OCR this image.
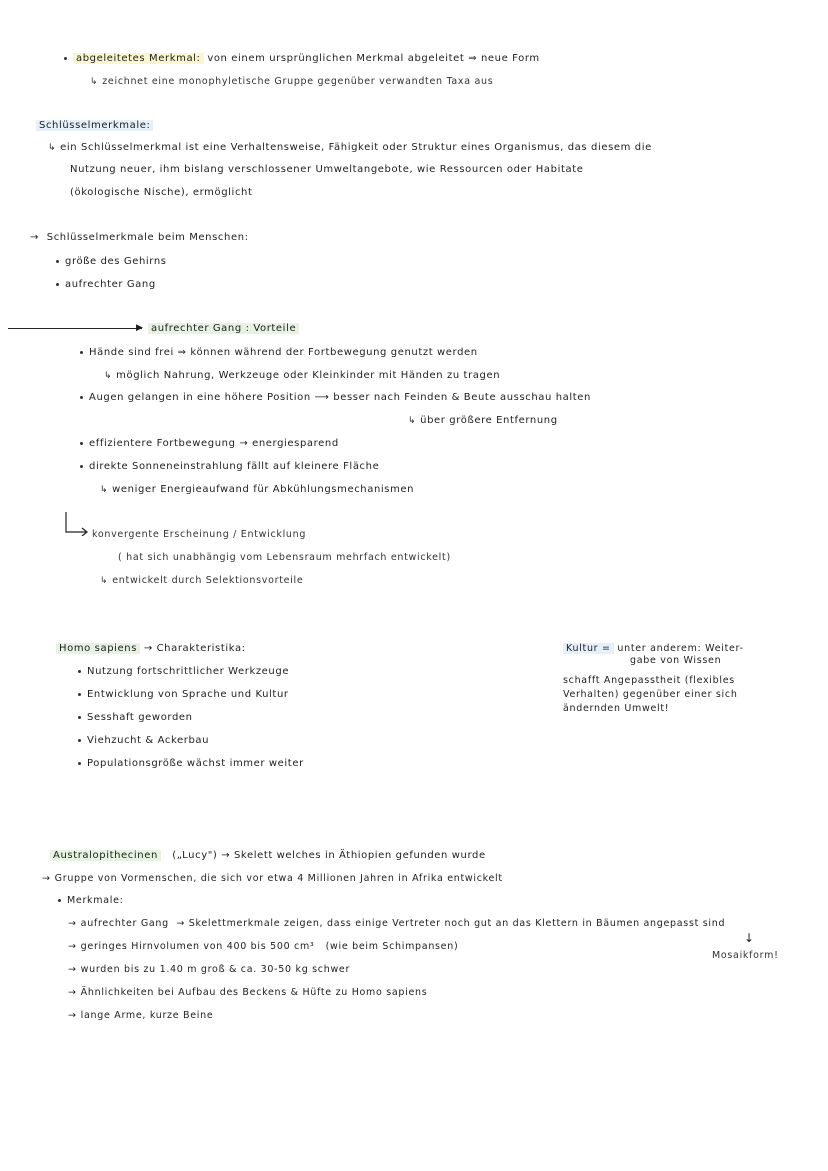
abgeleitetes Merkmal: von einem ursprünglichen Merkmal abgeleitet ⇒ neue Form
↳ zeichnet eine monophyletische Gruppe gegenüber verwandten Taxa aus
Schlüsselmerkmale:
↳ ein Schlüsselmerkmal ist eine Verhaltensweise, Fähigkeit oder Struktur eines Organismus, das diesem die
Nutzung neuer, ihm bislang verschlossener Umweltangebote, wie Ressourcen oder Habitate
(ökologische Nische), ermöglicht
→ Schlüsselmerkmale beim Menschen:
größe des Gehirns
aufrechter Gang
▶ aufrechter Gang : Vorteile
Hände sind frei ⇒ können während der Fortbewegung genutzt werden
↳ möglich Nahrung, Werkzeuge oder Kleinkinder mit Händen zu tragen
Augen gelangen in eine höhere Position ⟶ besser nach Feinden & Beute ausschau halten
↳ über größere Entfernung
effizientere Fortbewegung → energiesparend
direkte Sonneneinstrahlung fällt auf kleinere Fläche
↳ weniger Energieaufwand für Abkühlungsmechanismen
konvergente Erscheinung / Entwicklung
( hat sich unabhängig vom Lebensraum mehrfach entwickelt)
↳ entwickelt durch Selektionsvorteile
Homo sapiens → Charakteristika:
Nutzung fortschrittlicher Werkzeuge
Entwicklung von Sprache und Kultur
Sesshaft geworden
Viehzucht & Ackerbau
Populationsgröße wächst immer weiter
Kultur = unter anderem: Weiter-
gabe von Wissen
schafft Angepasstheit (flexibles
Verhalten) gegenüber einer sich
ändernden Umwelt!
Australopithecinen („Lucy") → Skelett welches in Äthiopien gefunden wurde
→ Gruppe von Vormenschen, die sich vor etwa 4 Millionen Jahren in Afrika entwickelt
Merkmale:
→ aufrechter Gang → Skelettmerkmale zeigen, dass einige Vertreter noch gut an das Klettern in Bäumen angepasst sind
→ geringes Hirnvolumen von 400 bis 500 cm³ (wie beim Schimpansen)
→ wurden bis zu 1.40 m groß & ca. 30-50 kg schwer
→ Ähnlichkeiten bei Aufbau des Beckens & Hüfte zu Homo sapiens
→ lange Arme, kurze Beine
↓
Mosaikform!
